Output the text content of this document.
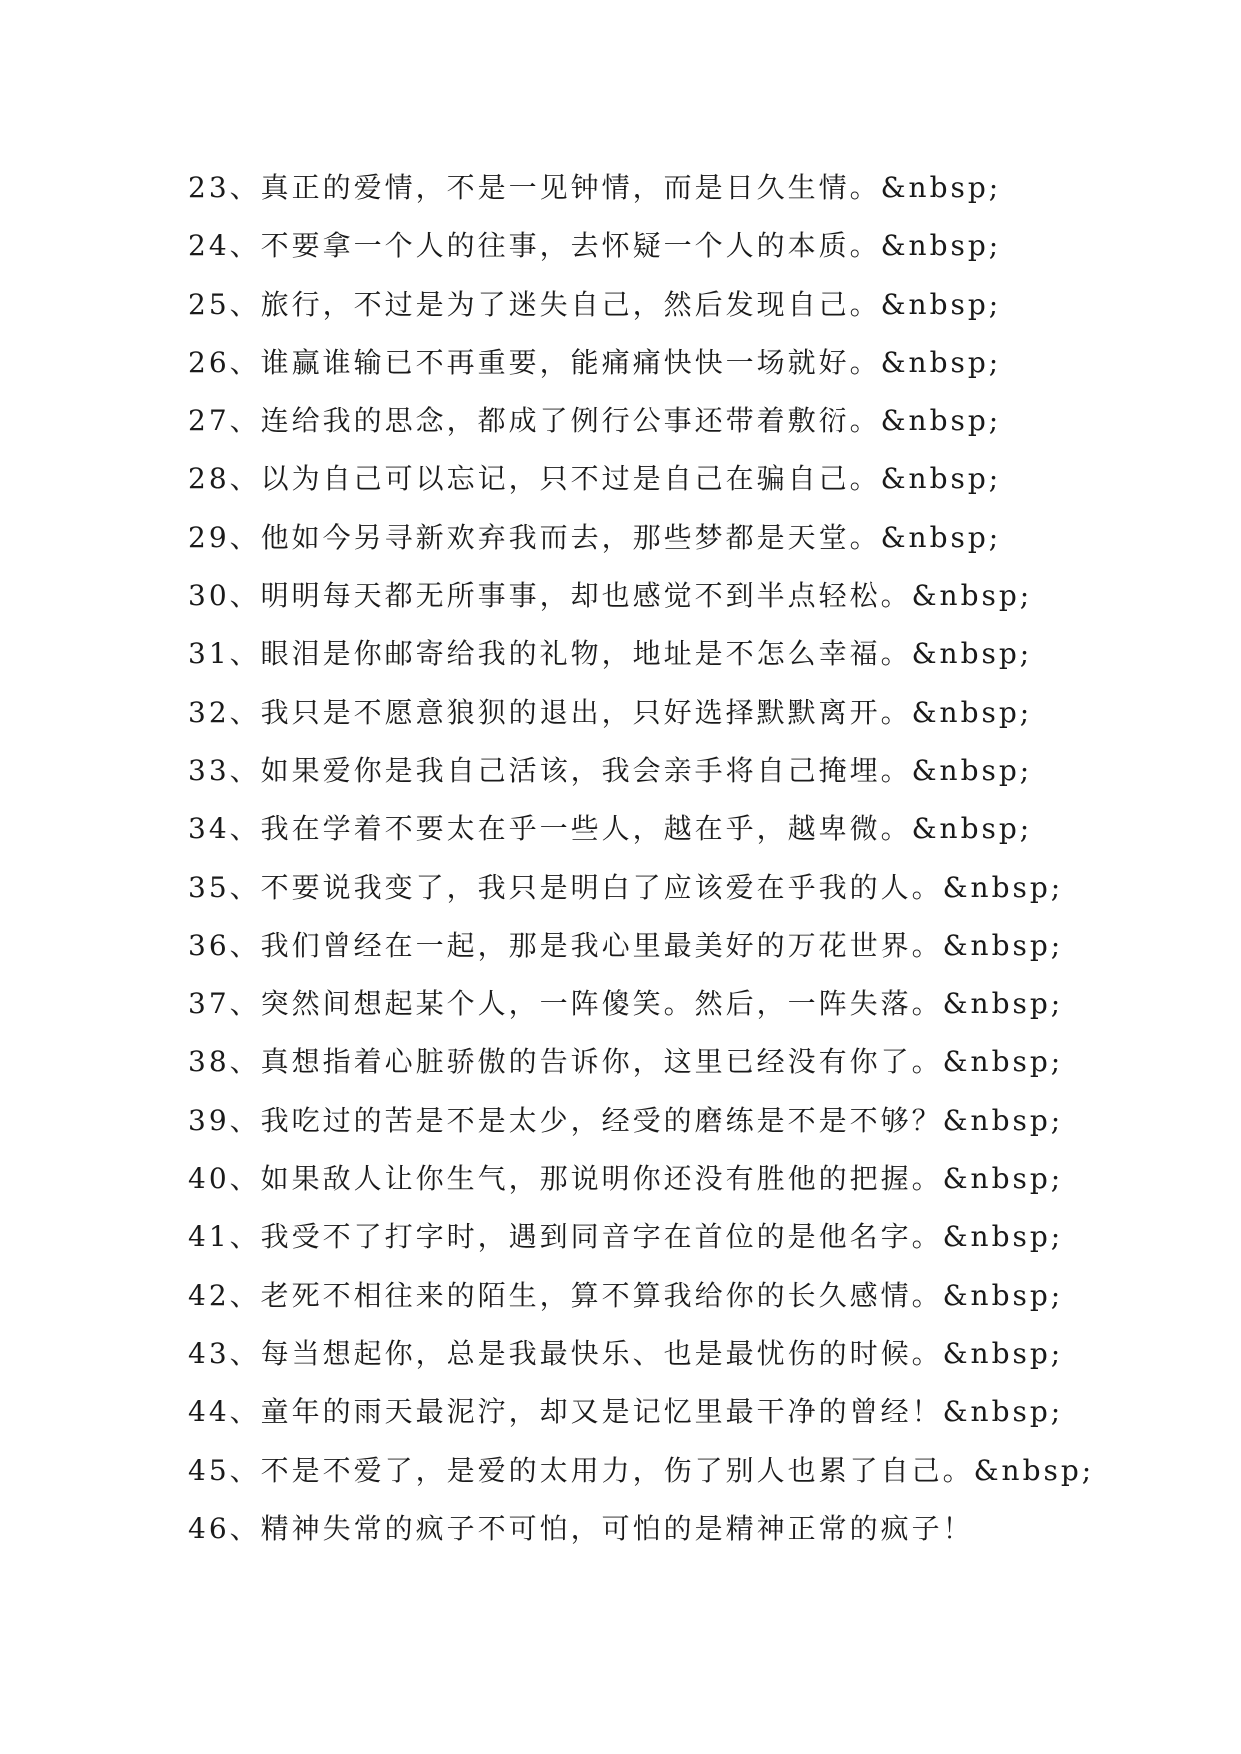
23、真正的爱情，不是一见钟情，而是日久生情。&nbsp;
24、不要拿一个人的往事，去怀疑一个人的本质。&nbsp;
25、旅行，不过是为了迷失自己，然后发现自己。&nbsp;
26、谁赢谁输已不再重要，能痛痛快快一场就好。&nbsp;
27、连给我的思念，都成了例行公事还带着敷衍。&nbsp;
28、以为自己可以忘记，只不过是自己在骗自己。&nbsp;
29、他如今另寻新欢弃我而去，那些梦都是天堂。&nbsp;
30、明明每天都无所事事，却也感觉不到半点轻松。&nbsp;
31、眼泪是你邮寄给我的礼物，地址是不怎么幸福。&nbsp;
32、我只是不愿意狼狈的退出，只好选择默默离开。&nbsp;
33、如果爱你是我自己活该，我会亲手将自己掩埋。&nbsp;
34、我在学着不要太在乎一些人，越在乎，越卑微。&nbsp;
35、不要说我变了，我只是明白了应该爱在乎我的人。&nbsp;
36、我们曾经在一起，那是我心里最美好的万花世界。&nbsp;
37、突然间想起某个人，一阵傻笑。然后，一阵失落。&nbsp;
38、真想指着心脏骄傲的告诉你，这里已经没有你了。&nbsp;
39、我吃过的苦是不是太少，经受的磨练是不是不够？&nbsp;
40、如果敌人让你生气，那说明你还没有胜他的把握。&nbsp;
41、我受不了打字时，遇到同音字在首位的是他名字。&nbsp;
42、老死不相往来的陌生，算不算我给你的长久感情。&nbsp;
43、每当想起你，总是我最快乐、也是最忧伤的时候。&nbsp;
44、童年的雨天最泥泞，却又是记忆里最干净的曾经！&nbsp;
45、不是不爱了，是爱的太用力，伤了别人也累了自己。&nbsp;
46、精神失常的疯子不可怕，可怕的是精神正常的疯子！
